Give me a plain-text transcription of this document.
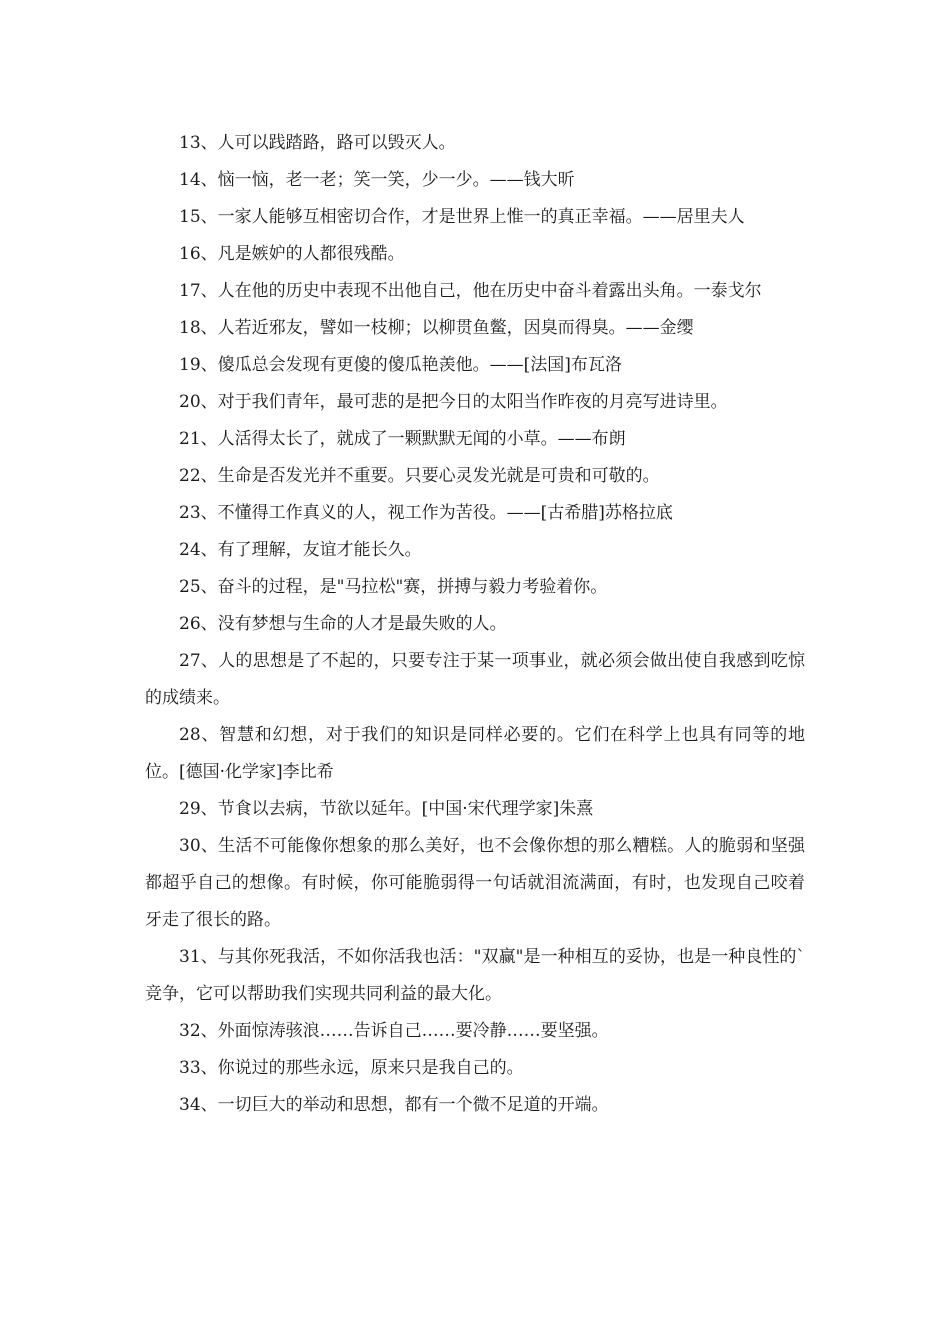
13、人可以践踏路，路可以毁灭人。

14、恼一恼，老一老；笑一笑，少一少。——钱大昕

15、一家人能够互相密切合作，才是世界上惟一的真正幸福。——居里夫人

16、凡是嫉妒的人都很残酷。

17、人在他的历史中表现不出他自己，他在历史中奋斗着露出头角。一泰戈尔

18、人若近邪友，譬如一枝柳；以柳贯鱼鳖，因臭而得臭。——金缨

19、傻瓜总会发现有更傻的傻瓜艳羡他。——[法国]布瓦洛

20、对于我们青年，最可悲的是把今日的太阳当作昨夜的月亮写进诗里。

21、人活得太长了，就成了一颗默默无闻的小草。——布朗

22、生命是否发光并不重要。只要心灵发光就是可贵和可敬的。

23、不懂得工作真义的人，视工作为苦役。——[古希腊]苏格拉底

24、有了理解，友谊才能长久。

25、奋斗的过程，是"马拉松"赛，拼搏与毅力考验着你。

26、没有梦想与生命的人才是最失败的人。

27、人的思想是了不起的，只要专注于某一项事业，就必须会做出使自我感到吃惊的成绩来。

28、智慧和幻想，对于我们的知识是同样必要的。它们在科学上也具有同等的地位。[德国·化学家]李比希

29、节食以去病，节欲以延年。[中国·宋代理学家]朱熹

30、生活不可能像你想象的那么美好，也不会像你想的那么糟糕。人的脆弱和坚强都超乎自己的想像。有时候，你可能脆弱得一句话就泪流满面，有时，也发现自己咬着牙走了很长的路。

31、与其你死我活，不如你活我也活："双赢"是一种相互的妥协，也是一种良性的`竞争，它可以帮助我们实现共同利益的最大化。

32、外面惊涛骇浪……告诉自己……要冷静……要坚强。

33、你说过的那些永远，原来只是我自己的。

34、一切巨大的举动和思想，都有一个微不足道的开端。
